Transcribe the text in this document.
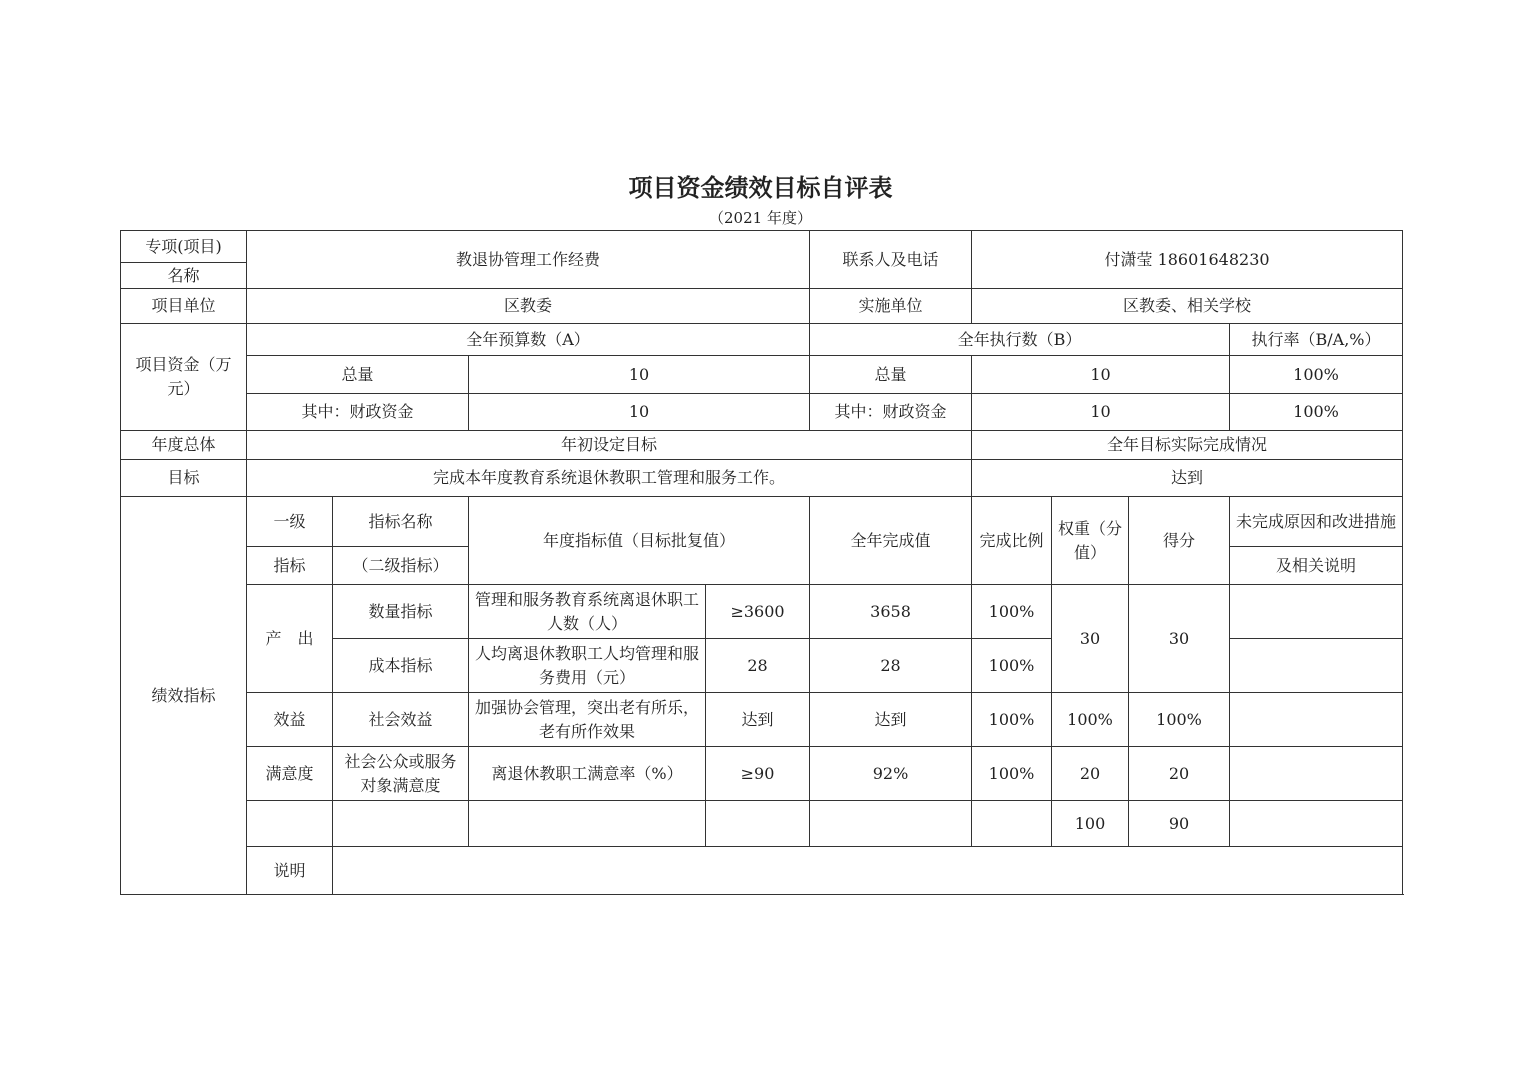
项目资金绩效目标自评表
（2021 年度）
专项(项目)	教退协管理工作经费				联系人及电话	付潇莹 18601648230			
名称									
项目单位	区教委				实施单位	区教委、相关学校			
项目资金（万元）	全年预算数（A）				全年执行数（B）				执行率（B/A,%）
	总量		10		总量	10			100%
	其中：财政资金		10		其中：财政资金	10			100%
年度总体	年初设定目标					全年目标实际完成情况			
目标	完成本年度教育系统退休教职工管理和服务工作。					达到			
绩效指标	一级	指标名称	年度指标值（目标批复值）		全年完成值	完成比例	权重（分值）	得分	未完成原因和改进措施
	指标	（二级指标）							及相关说明
	产　出	数量指标	管理和服务教育系统离退休职工人数（人）	≥3600	3658	100%	30	30	
		成本指标	人均离退休教职工人均管理和服务费用（元）	28	28	100%			
	效益	社会效益	加强协会管理，突出老有所乐，老有所作效果	达到	达到	100%	100%	100%	
	满意度	社会公众或服务对象满意度	离退休教职工满意率（%）	≥90	92%	100%	20	20	
							100	90	
	说明								
